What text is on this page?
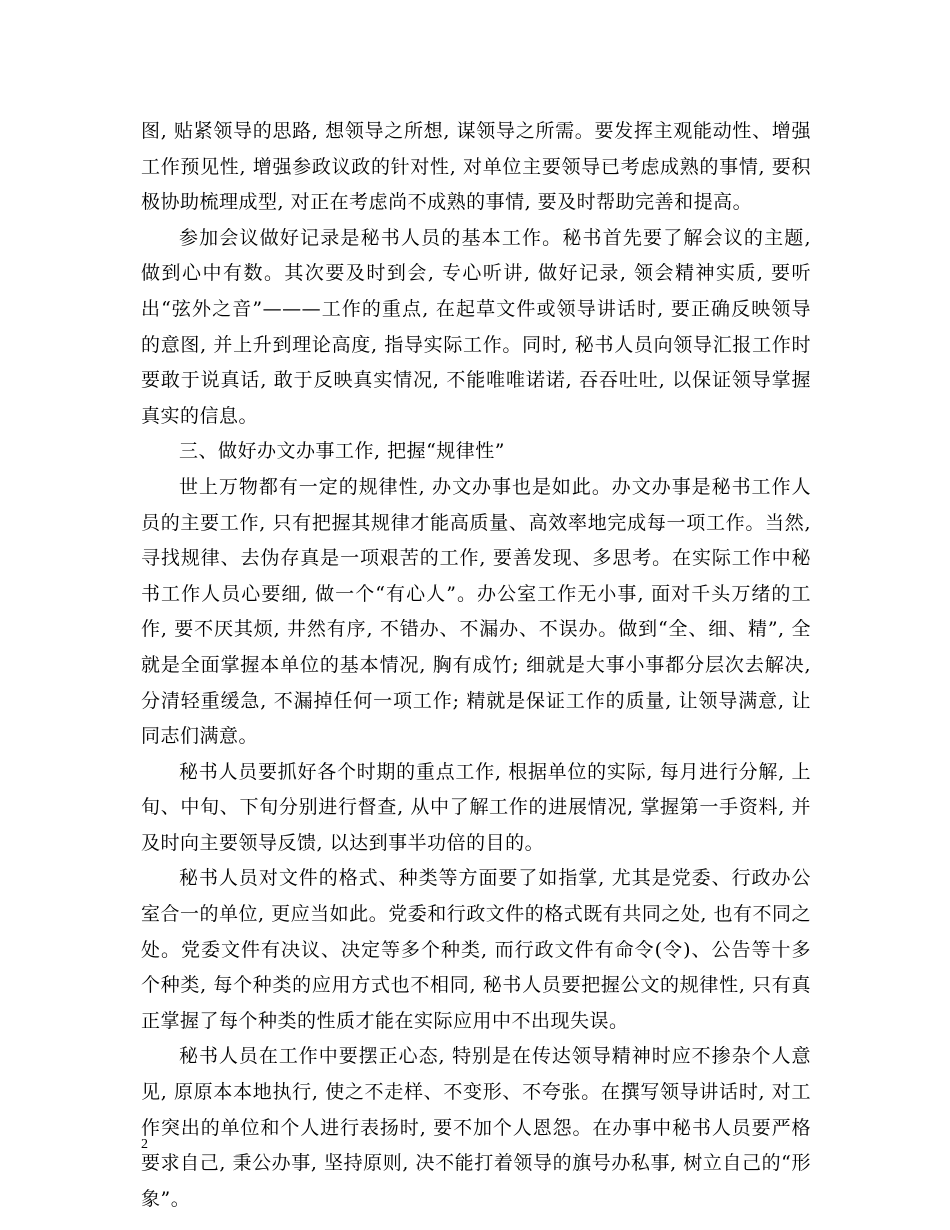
图, 贴紧领导的思路, 想领导之所想, 谋领导之所需。要发挥主观能动性、增强工作预见性, 增强参政议政的针对性, 对单位主要领导已考虑成熟的事情, 要积极协助梳理成型, 对正在考虑尚不成熟的事情, 要及时帮助完善和提高。

参加会议做好记录是秘书人员的基本工作。秘书首先要了解会议的主题, 做到心中有数。其次要及时到会, 专心听讲, 做好记录, 领会精神实质, 要听出“弦外之音”———工作的重点, 在起草文件或领导讲话时, 要正确反映领导的意图, 并上升到理论高度, 指导实际工作。同时, 秘书人员向领导汇报工作时要敢于说真话, 敢于反映真实情况, 不能唯唯诺诺, 吞吞吐吐, 以保证领导掌握真实的信息。

三、做好办文办事工作, 把握“规律性”

世上万物都有一定的规律性, 办文办事也是如此。办文办事是秘书工作人员的主要工作, 只有把握其规律才能高质量、高效率地完成每一项工作。当然, 寻找规律、去伪存真是一项艰苦的工作, 要善发现、多思考。在实际工作中秘书工作人员心要细, 做一个“有心人”。办公室工作无小事, 面对千头万绪的工作, 要不厌其烦, 井然有序, 不错办、不漏办、不误办。做到“全、细、精”, 全就是全面掌握本单位的基本情况, 胸有成竹; 细就是大事小事都分层次去解决, 分清轻重缓急, 不漏掉任何一项工作; 精就是保证工作的质量, 让领导满意, 让同志们满意。

秘书人员要抓好各个时期的重点工作, 根据单位的实际, 每月进行分解, 上旬、中旬、下旬分别进行督查, 从中了解工作的进展情况, 掌握第一手资料, 并及时向主要领导反馈, 以达到事半功倍的目的。

秘书人员对文件的格式、种类等方面要了如指掌, 尤其是党委、行政办公室合一的单位, 更应当如此。党委和行政文件的格式既有共同之处, 也有不同之处。党委文件有决议、决定等多个种类, 而行政文件有命令(令)、公告等十多个种类, 每个种类的应用方式也不相同, 秘书人员要把握公文的规律性, 只有真正掌握了每个种类的性质才能在实际应用中不出现失误。

秘书人员在工作中要摆正心态, 特别是在传达领导精神时应不掺杂个人意见, 原原本本地执行, 使之不走样、不变形、不夸张。在撰写领导讲话时, 对工作突出的单位和个人进行表扬时, 要不加个人恩怨。在办事中秘书人员要严格要求自己, 秉公办事, 坚持原则, 决不能打着领导的旗号办私事, 树立自己的“形象”。

2
